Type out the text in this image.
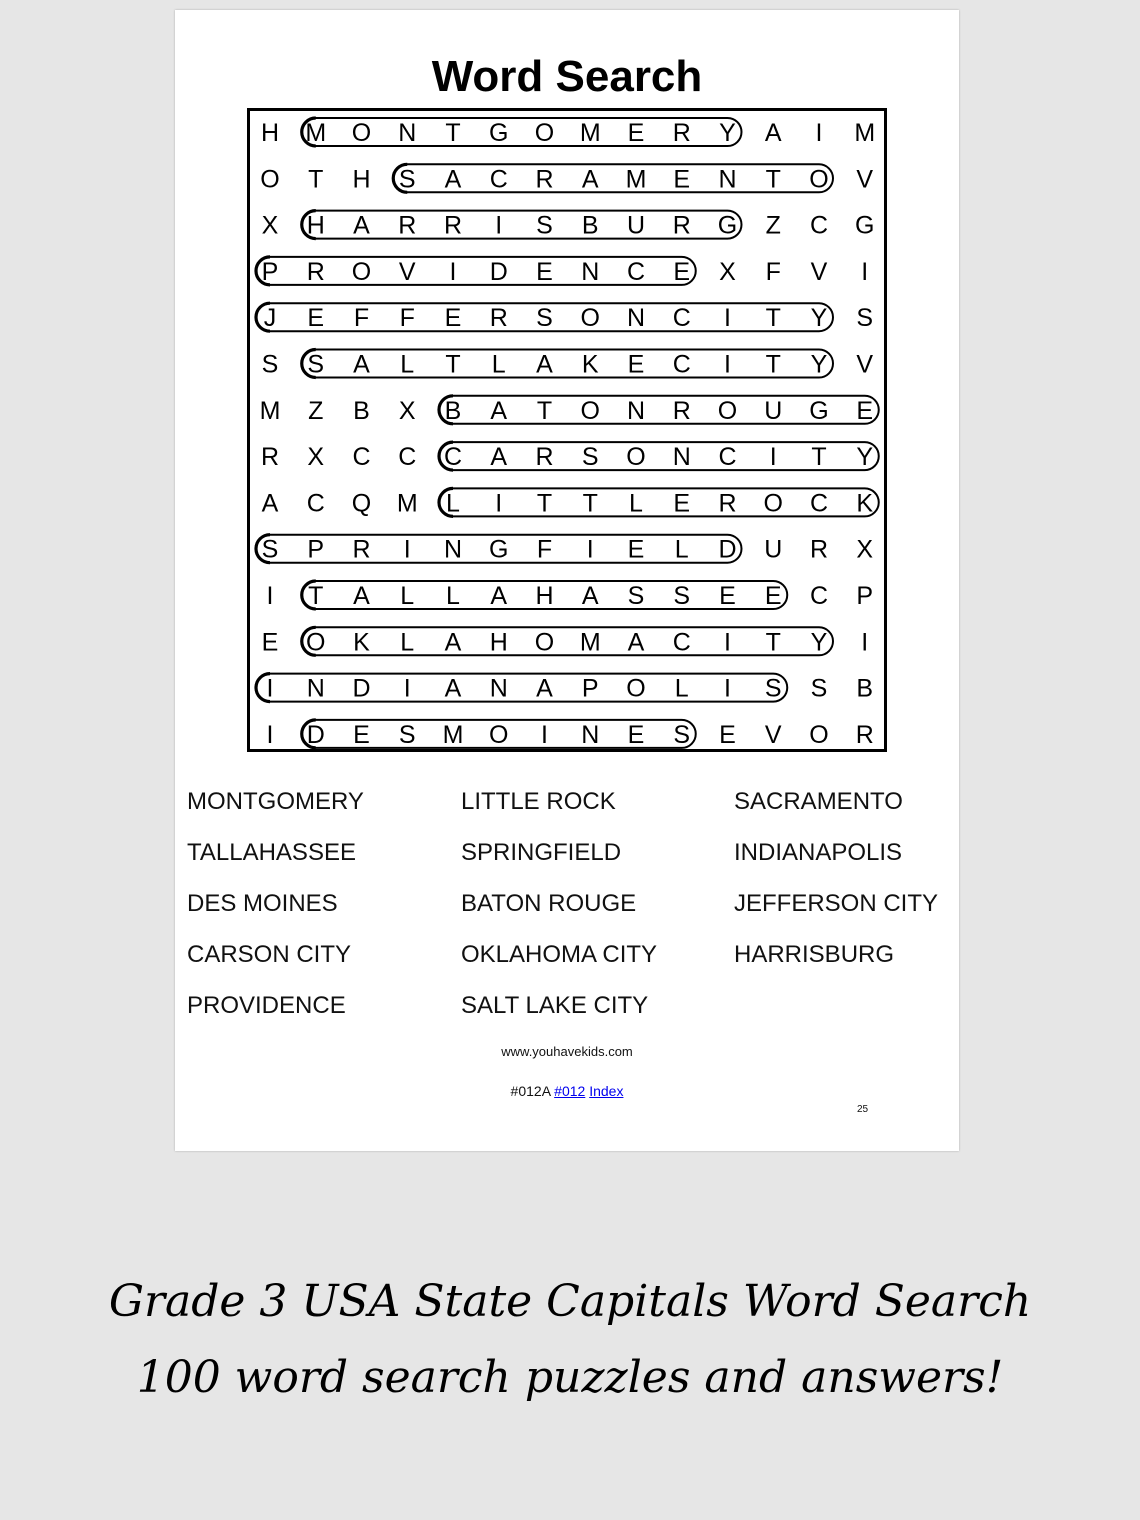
Word Search
H M O N T G O M E R Y A I M
O T H S A C R A M E N T O V
X H A R R I S B U R G Z C G
P R O V I D E N C E X F V I
J E F F E R S O N C I T Y S
S S A L T L A K E C I T Y V
M Z B X B A T O N R O U G E
R X C C C A R S O N C I T Y
A C Q M L I T T L E R O C K
S P R I N G F I E L D U R X
I T A L L A H A S S E E C P
E O K L A H O M A C I T Y I
I N D I A N A P O L I S S B
I D E S M O I N E S E V O R
MONTGOMERY	LITTLE ROCK	SACRAMENTO
TALLAHASSEE	SPRINGFIELD	INDIANAPOLIS
DES MOINES	BATON ROUGE	JEFFERSON CITY
CARSON CITY	OKLAHOMA CITY	HARRISBURG
PROVIDENCE	SALT LAKE CITY
www.youhavekids.com
#012A #012 Index
25
Grade 3 USA State Capitals Word Search
100 word search puzzles and answers!
